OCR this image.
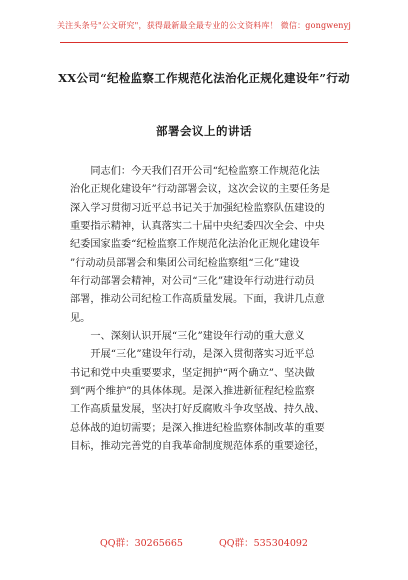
关注头条号"公文研究"，获得最新最全最专业的公文资料库！ 微信：gongwenyj
XX公司“纪检监察工作规范化法治化正规化建设年”行动
部署会议上的讲话
　　同志们：今天我们召开公司“纪检监察工作规范化法
治化正规化建设年”行动部署会议，这次会议的主要任务是
深入学习贯彻习近平总书记关于加强纪检监察队伍建设的
重要指示精神，认真落实二十届中央纪委四次全会、中央
纪委国家监委“纪检监察工作规范化法治化正规化建设年
”行动动员部署会和集团公司纪检监察组“三化”建设
年行动部署会精神，对公司“三化”建设年行动进行动员
部署，推动公司纪检工作高质量发展。下面，我讲几点意
见。
　　一、深刻认识开展“三化”建设年行动的重大意义
　　开展“三化”建设年行动，是深入贯彻落实习近平总
书记和党中央重要要求，坚定拥护“两个确立”、坚决做
到“两个维护”的具体体现。是深入推进新征程纪检监察
工作高质量发展，坚决打好反腐败斗争攻坚战、持久战、
总体战的迫切需要；是深入推进纪检监察体制改革的重要
目标，推动完善党的自我革命制度规范体系的重要途径，
QQ群：30265665	QQ群：535304092
